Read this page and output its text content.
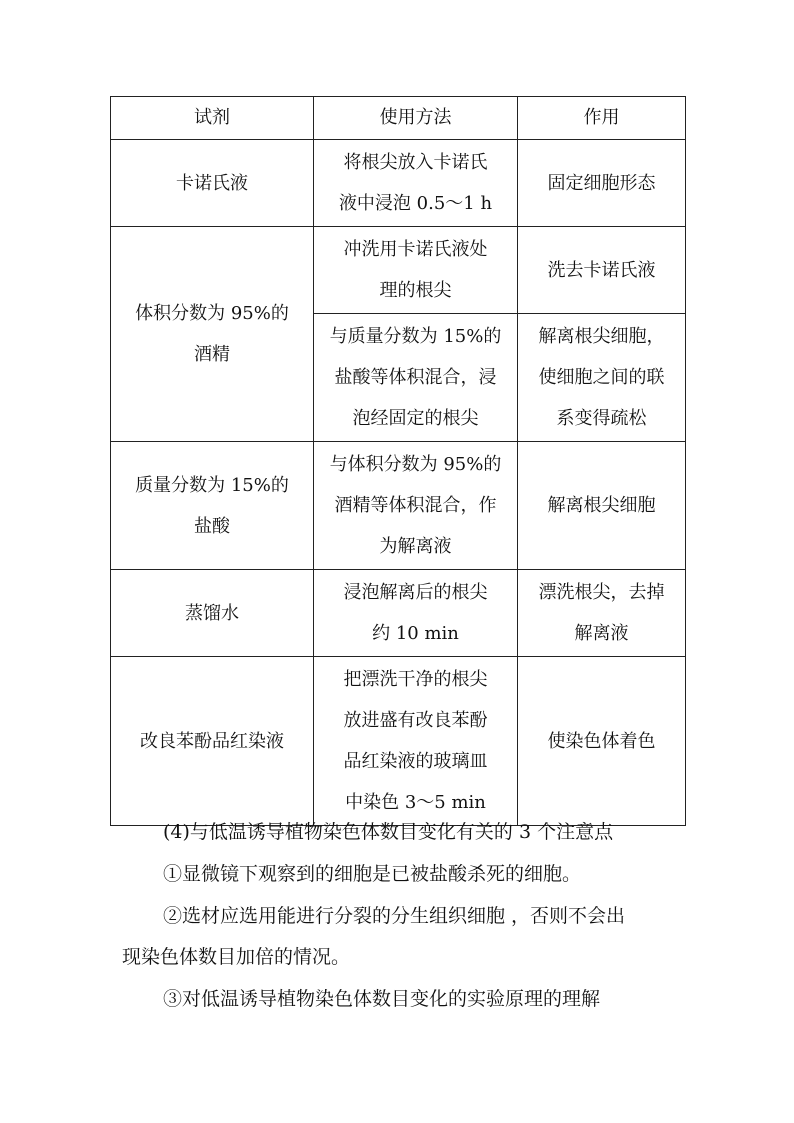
试剂	使用方法	作用

卡诺氏液	将根尖放入卡诺氏
液中浸泡 0.5～1 h	固定细胞形态

体积分数为 95%的
酒精	冲洗用卡诺氏液处
理的根尖	洗去卡诺氏液

	与质量分数为 15%的
盐酸等体积混合，浸
泡经固定的根尖	解离根尖细胞，
使细胞之间的联
系变得疏松

质量分数为 15%的
盐酸	与体积分数为 95%的
酒精等体积混合，作
为解离液	解离根尖细胞

蒸馏水	浸泡解离后的根尖
约 10 min	漂洗根尖，去掉
解离液

改良苯酚品红染液	把漂洗干净的根尖
放进盛有改良苯酚
品红染液的玻璃皿
中染色 3～5 min	使染色体着色
(4)与低温诱导植物染色体数目变化有关的 3 个注意点
①显微镜下观察到的细胞是已被盐酸杀死的细胞。
②选材应选用能进行分裂的分生组织细胞 ，否则不会出
现染色体数目加倍的情况。
③对低温诱导植物染色体数目变化的实验原理的理解
